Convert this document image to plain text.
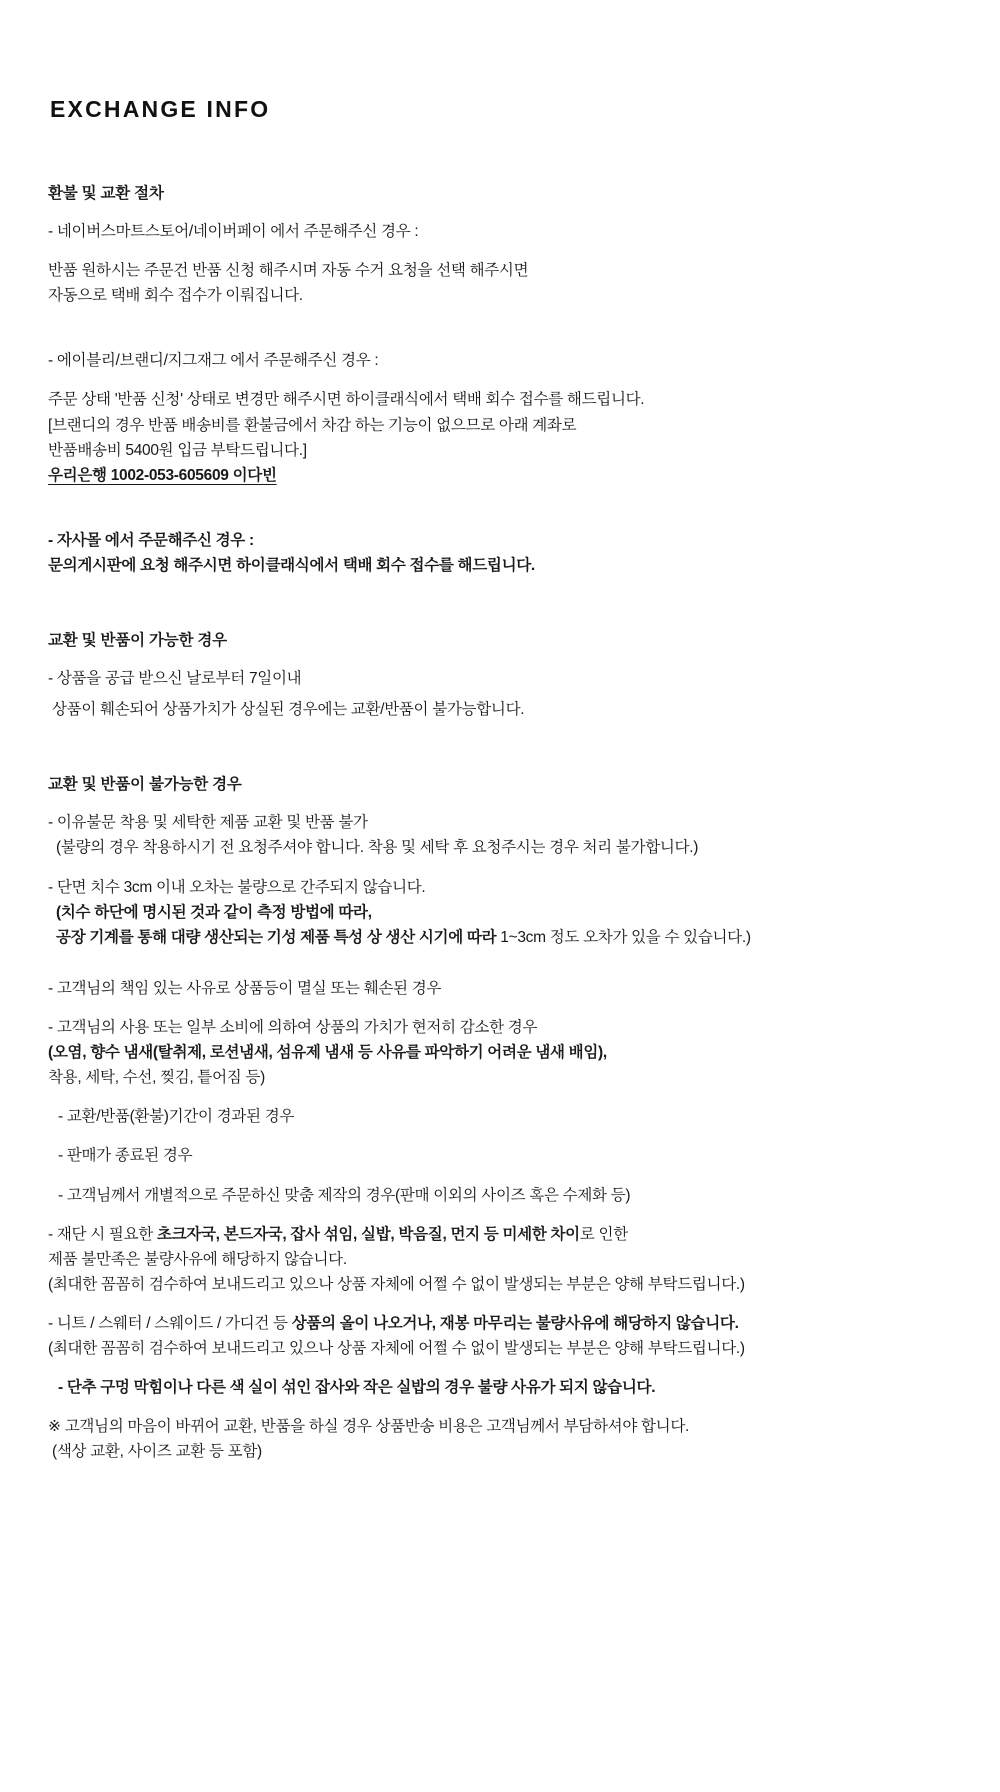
EXCHANGE INFO
환불 및 교환 절차

- 네이버스마트스토어/네이버페이 에서 주문해주신 경우 :

반품 원하시는 주문건 반품 신청 해주시며 자동 수거 요청을 선택 해주시면

자동으로 택배 회수 접수가 이뤄집니다.

- 에이블리/브랜디/지그재그 에서 주문해주신 경우 :

주문 상태 '반품 신청' 상태로 변경만 해주시면 하이클래식에서 택배 회수 접수를 해드립니다.

[브랜디의 경우 반품 배송비를 환불금에서 차감 하는 기능이 없으므로 아래 계좌로

반품배송비 5400원 입금 부탁드립니다.]

우리은행 1002-053-605609 이다빈

- 자사몰 에서 주문해주신 경우 :

문의게시판에 요청 해주시면 하이클래식에서 택배 회수 접수를 해드립니다.

교환 및 반품이 가능한 경우

- 상품을 공급 받으신 날로부터 7일이내

상품이 훼손되어 상품가치가 상실된 경우에는 교환/반품이 불가능합니다.

교환 및 반품이 불가능한 경우

- 이유불문 착용 및 세탁한 제품 교환 및 반품 불가

(불량의 경우 착용하시기 전 요청주셔야 합니다. 착용 및 세탁 후 요청주시는 경우 처리 불가합니다.)

- 단면 치수 3cm 이내 오차는 불량으로 간주되지 않습니다.

(치수 하단에 명시된 것과 같이 측정 방법에 따라,

공장 기계를 통해 대량 생산되는 기성 제품 특성 상 생산 시기에 따라 1~3cm 정도 오차가 있을 수 있습니다.)

- 고객님의 책임 있는 사유로 상품등이 멸실 또는 훼손된 경우

- 고객님의 사용 또는 일부 소비에 의하여 상품의 가치가 현저히 감소한 경우

(오염, 향수 냄새(탈취제, 로션냄새, 섬유제 냄새 등 사유를 파악하기 어려운 냄새 배임),

착용, 세탁, 수선, 찢김, 틑어짐 등)

- 교환/반품(환불)기간이 경과된 경우

- 판매가 종료된 경우

- 고객님께서 개별적으로 주문하신 맞춤 제작의 경우(판매 이외의 사이즈 혹은 수제화 등)

- 재단 시 필요한 초크자국, 본드자국, 잡사 섞임, 실밥, 박음질, 먼지 등 미세한 차이로 인한

제품 불만족은 불량사유에 해당하지 않습니다.

(최대한 꼼꼼히 검수하여 보내드리고 있으나 상품 자체에 어쩔 수 없이 발생되는 부분은 양해 부탁드립니다.)

- 니트 / 스웨터 / 스웨이드 / 가디건 등 상품의 올이 나오거나, 재봉 마무리는 불량사유에 해당하지 않습니다.

(최대한 꼼꼼히 검수하여 보내드리고 있으나 상품 자체에 어쩔 수 없이 발생되는 부분은 양해 부탁드립니다.)

- 단추 구멍 막힘이나 다른 색 실이 섞인 잡사와 작은 실밥의 경우 불량 사유가 되지 않습니다.

※ 고객님의 마음이 바뀌어 교환, 반품을 하실 경우 상품반송 비용은 고객님께서 부담하셔야 합니다.

(색상 교환, 사이즈 교환 등 포함)
